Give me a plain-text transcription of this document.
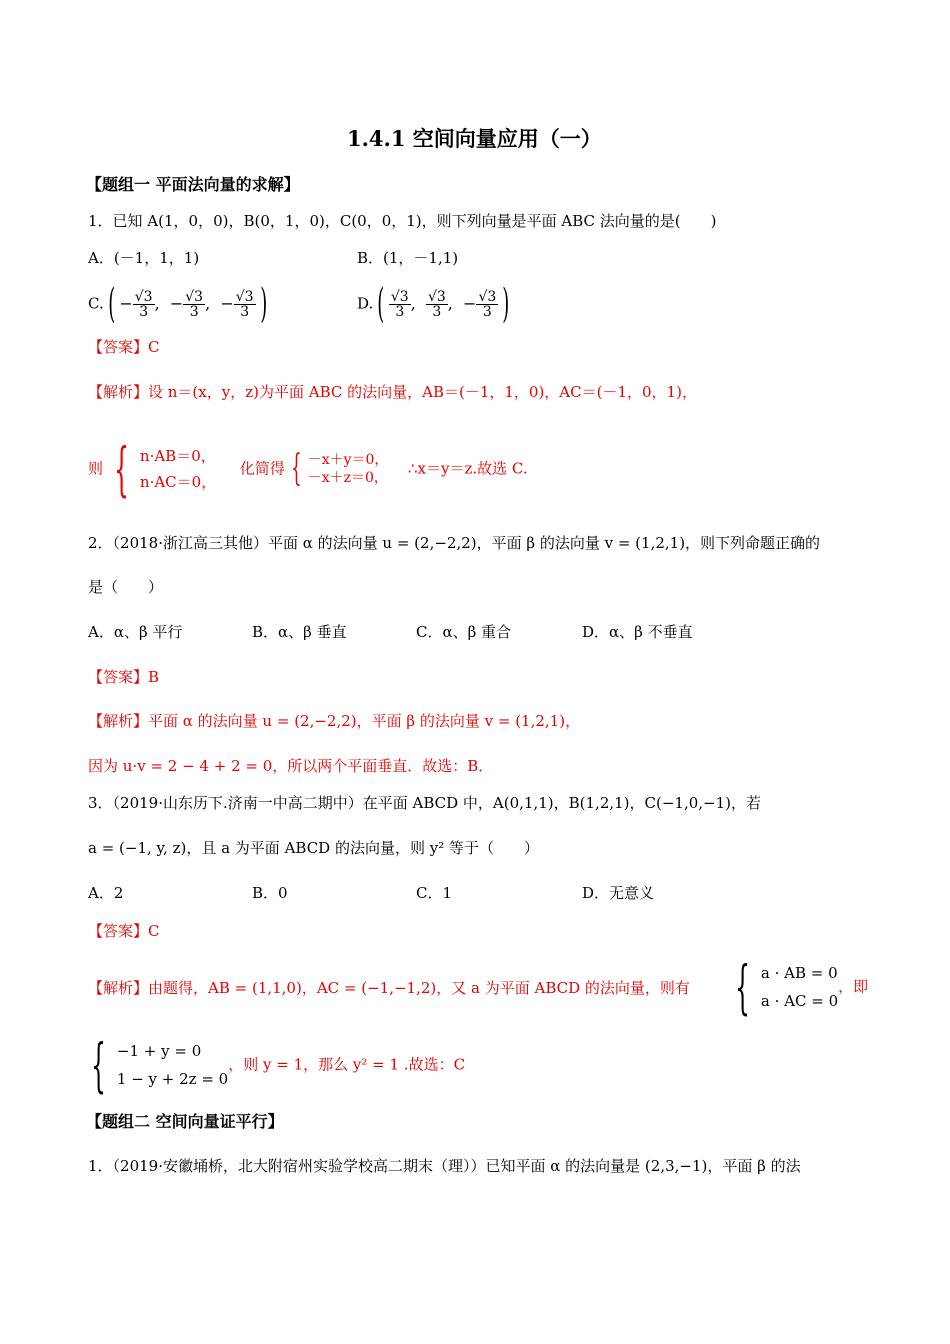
1.4.1 空间向量应用（一）
【题组一 平面法向量的求解】
1．已知 A(1，0，0)，B(0，1，0)，C(0，0，1)，则下列向量是平面 ABC 法向量的是(　　)
A．(－1，1，1)	B．(1，－1,1)
C. ( − $\frac{√3}{3}$ ,  − $\frac{√3}{3}$ ,  − $\frac{√3}{3}$ )	D. ( $\frac{√3}{3}$ , $\frac{√3}{3}$ ,  − $\frac{√3}{3}$ )
【答案】C
【解析】设 n＝(x，y，z)为平面 ABC 的法向量，AB＝(－1，1，0)，AC＝(－1，0，1)，
则 { n·AB＝0，
n·AC＝0，
化简得 { －x＋y＝0，
－x＋z＝0，
∴x＝y＝z.故选 C.
2．（2018·浙江高三其他）平面 α 的法向量 u = (2,−2,2)，平面 β 的法向量 v = (1,2,1)，则下列命题正确的
是（　　）
A．α、β 平行	B．α、β 垂直	C．α、β 重合	D．α、β 不垂直
【答案】B
【解析】平面 α 的法向量 u = (2,−2,2)，平面 β 的法向量 v = (1,2,1)，
因为 u·v = 2 − 4 + 2 = 0，所以两个平面垂直．故选：B．
3．（2019·山东历下.济南一中高二期中）在平面 ABCD 中，A(0,1,1)，B(1,2,1)，C(−1,0,−1)，若
a = (−1, y, z)，且 a 为平面 ABCD 的法向量，则 y² 等于（　　）
A．2	B．0	C．1	D．无意义
【答案】C
【解析】由题得，AB = (1,1,0)，AC = (−1,−1,2)，又 a 为平面 ABCD 的法向量，则有 { a · AB = 0
a · AC = 0
，即
{ −1 + y = 0
1 − y + 2z = 0
，则 y = 1，那么 y² = 1 .故选：C
【题组二 空间向量证平行】
1．（2019·安徽埇桥，北大附宿州实验学校高二期末（理））已知平面 α 的法向量是 (2,3,−1)，平面 β 的法
